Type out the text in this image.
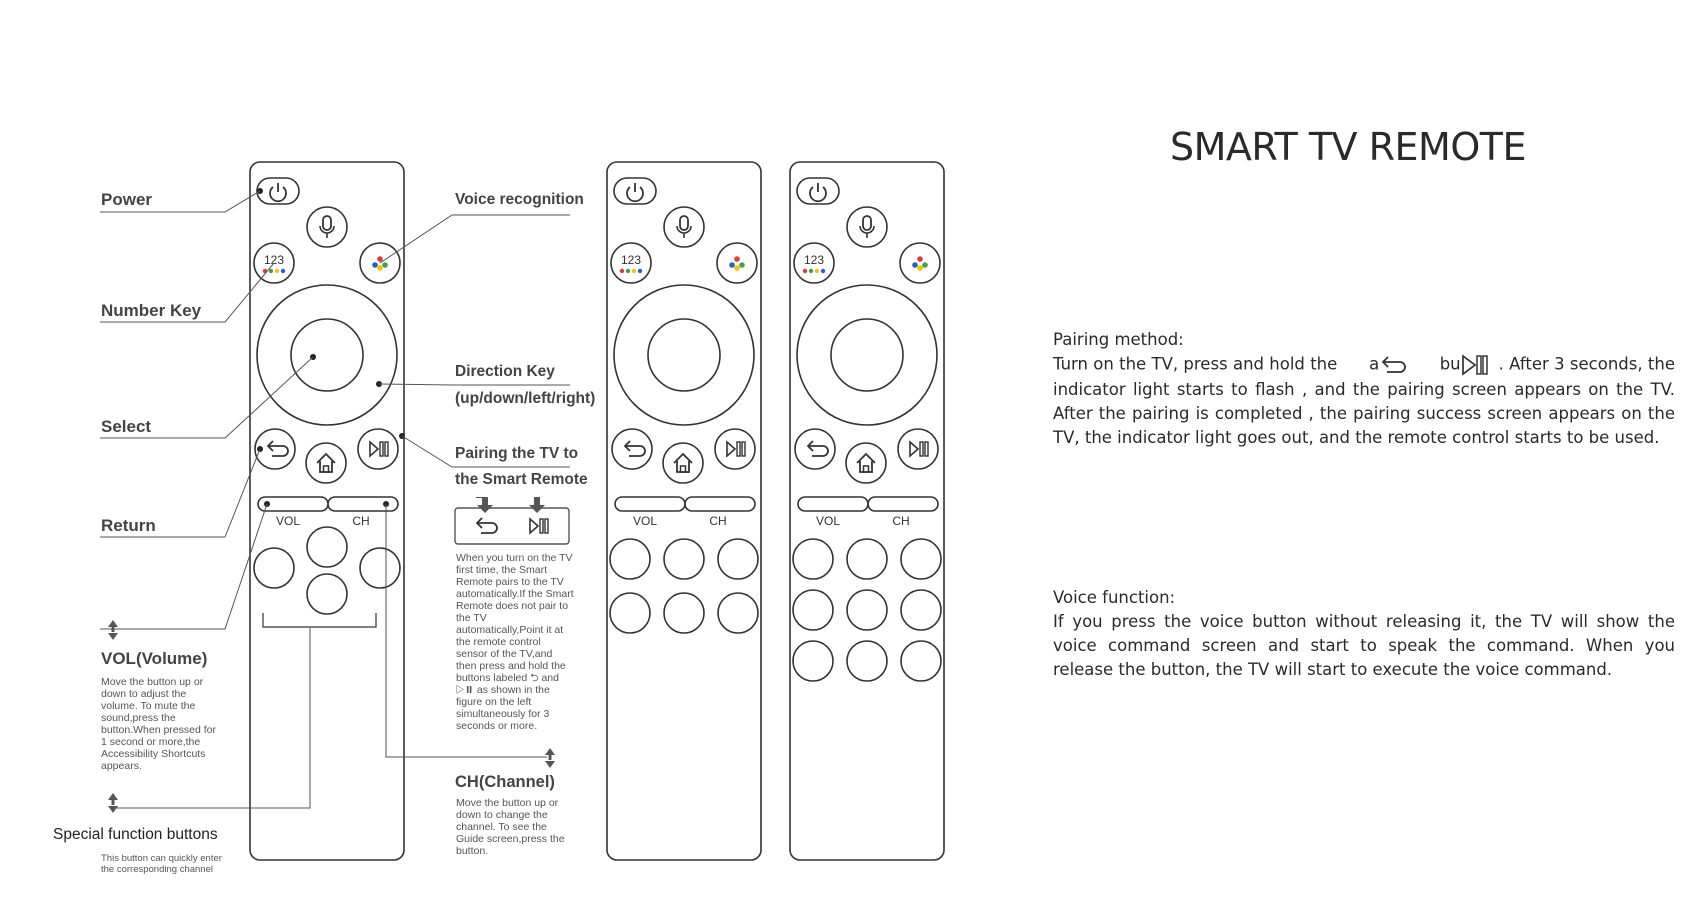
123
VOL	CH
123
VOL	CH
123
VOL	CH
Power
Number Key
Select
Return
VOL(Volume)
Move the button up or down to adjust the volume. To mute the sound,press the button.When pressed for 1 second or more,the Accessibility Shortcuts appears.
Special function buttons
This button can quickly enter the corresponding channel
Voice recognition
Direction Key
(up/down/left/right)
Pairing the TV to
the Smart Remote
When you turn on the TV first time, the Smart Remote pairs to the TV automatically.If the Smart Remote does not pair to the TV automatically,Point it at the remote control sensor of the TV,and then press and hold the buttons labeled ⮌ and ▷⏸ as shown in the figure on the left simultaneously for 3 seconds or more.
CH(Channel)
Move the button up or down to change the channel. To see the Guide screen,press the button.
SMART TV REMOTE
Pairing method:
Turn on the TV, press and hold the a	bu . After 3 seconds, the indicator light starts to flash , and the pairing screen appears on the TV. After the pairing is completed , the pairing success screen appears on the TV, the indicator light goes out, and the remote control starts to be used.
Voice function:
If you press the voice button without releasing it, the TV will show the voice command screen and start to speak the command. When you release the button, the TV will start to execute the voice command.
